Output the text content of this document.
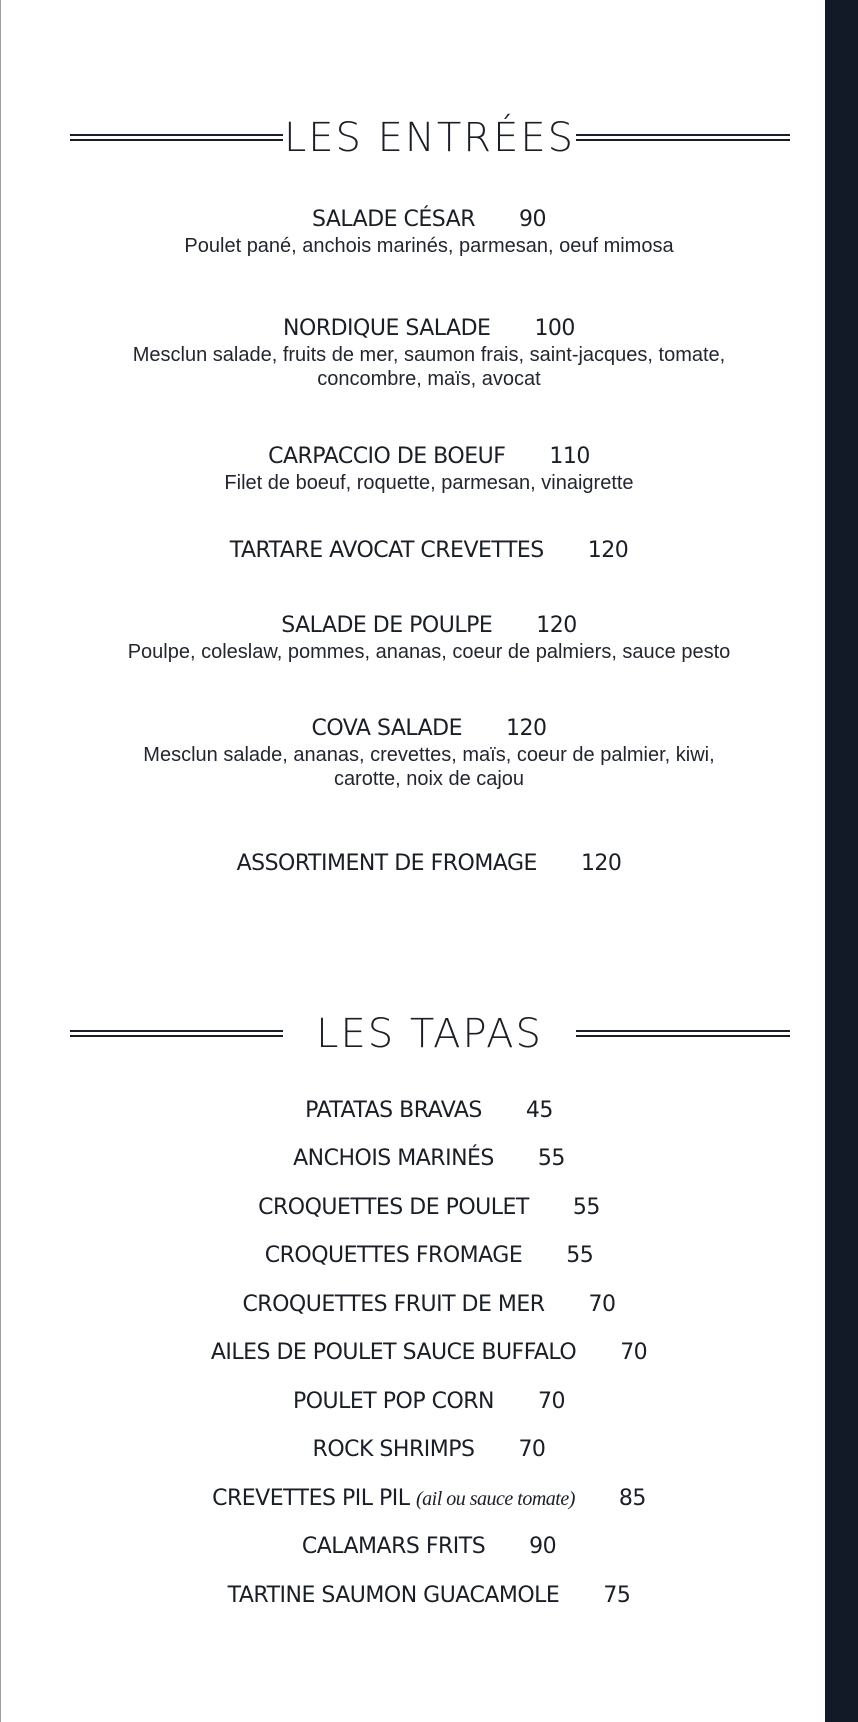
LES ENTRÉES
SALADE CÉSAR 90
Poulet pané, anchois marinés, parmesan, oeuf mimosa
NORDIQUE SALADE 100
Mesclun salade, fruits de mer, saumon frais, saint-jacques, tomate, concombre, maïs, avocat
CARPACCIO DE BOEUF 110
Filet de boeuf, roquette, parmesan, vinaigrette
TARTARE AVOCAT CREVETTES 120
SALADE DE POULPE 120
Poulpe, coleslaw, pommes, ananas, coeur de palmiers, sauce pesto
COVA SALADE 120
Mesclun salade, ananas, crevettes, maïs, coeur de palmier, kiwi, carotte, noix de cajou
ASSORTIMENT DE FROMAGE 120
LES TAPAS
PATATAS BRAVAS 45
ANCHOIS MARINÉS 55
CROQUETTES DE POULET 55
CROQUETTES FROMAGE 55
CROQUETTES FRUIT DE MER 70
AILES DE POULET SAUCE BUFFALO 70
POULET POP CORN 70
ROCK SHRIMPS 70
CREVETTES PIL PIL (ail ou sauce tomate) 85
CALAMARS FRITS 90
TARTINE SAUMON GUACAMOLE 75
